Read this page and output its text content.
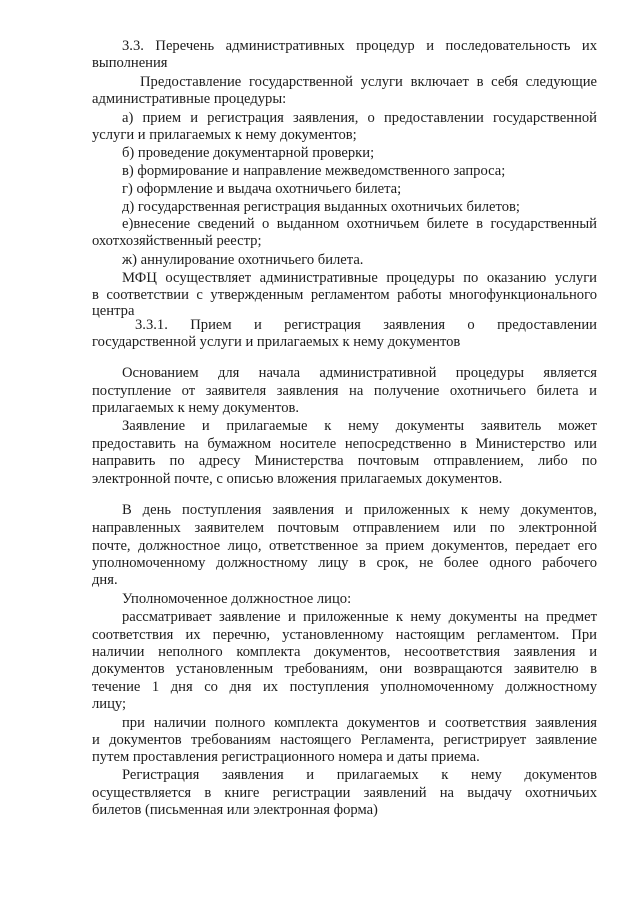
3.3. Перечень административных процедур и последовательность их

выполнения

Предоставление государственной услуги включает в себя следующие

административные процедуры:

а) прием и регистрация заявления, о предоставлении государственной

услуги и прилагаемых к нему документов;

б) проведение документарной проверки;

в) формирование и направление межведомственного запроса;

г) оформление и выдача охотничьего билета;

д) государственная регистрация выданных охотничьих билетов;

е)внесение сведений о выданном охотничьем билете в государственный

охотхозяйственный реестр;

ж) аннулирование охотничьего билета.

МФЦ осуществляет административные процедуры по оказанию услуги

в соответствии с утвержденным регламентом работы многофункционального

центра

3.3.1. Прием и регистрация заявления о предоставлении

государственной услуги и прилагаемых к нему документов

Основанием для начала административной процедуры является

поступление от заявителя заявления на получение охотничьего билета и

прилагаемых к нему документов.

Заявление и прилагаемые к нему документы заявитель может

предоставить на бумажном носителе непосредственно в Министерство или

направить по адресу Министерства почтовым отправлением, либо по

электронной почте, с описью вложения прилагаемых документов.

В день поступления заявления и приложенных к нему документов,

направленных заявителем почтовым отправлением или по электронной

почте, должностное лицо, ответственное за прием документов, передает его

уполномоченному должностному лицу в срок, не более одного рабочего

дня.

Уполномоченное должностное лицо:

рассматривает заявление и приложенные к нему документы на предмет

соответствия их перечню, установленному настоящим регламентом. При

наличии неполного комплекта документов, несоответствия заявления и

документов установленным требованиям, они возвращаются заявителю в

течение 1 дня со дня их поступления уполномоченному должностному

лицу;

при наличии полного комплекта документов и соответствия заявления

и документов требованиям настоящего Регламента, регистрирует заявление

путем проставления регистрационного номера и даты приема.

Регистрация заявления и прилагаемых к нему документов

осуществляется в книге регистрации заявлений на выдачу охотничьих

билетов (письменная или электронная форма)
